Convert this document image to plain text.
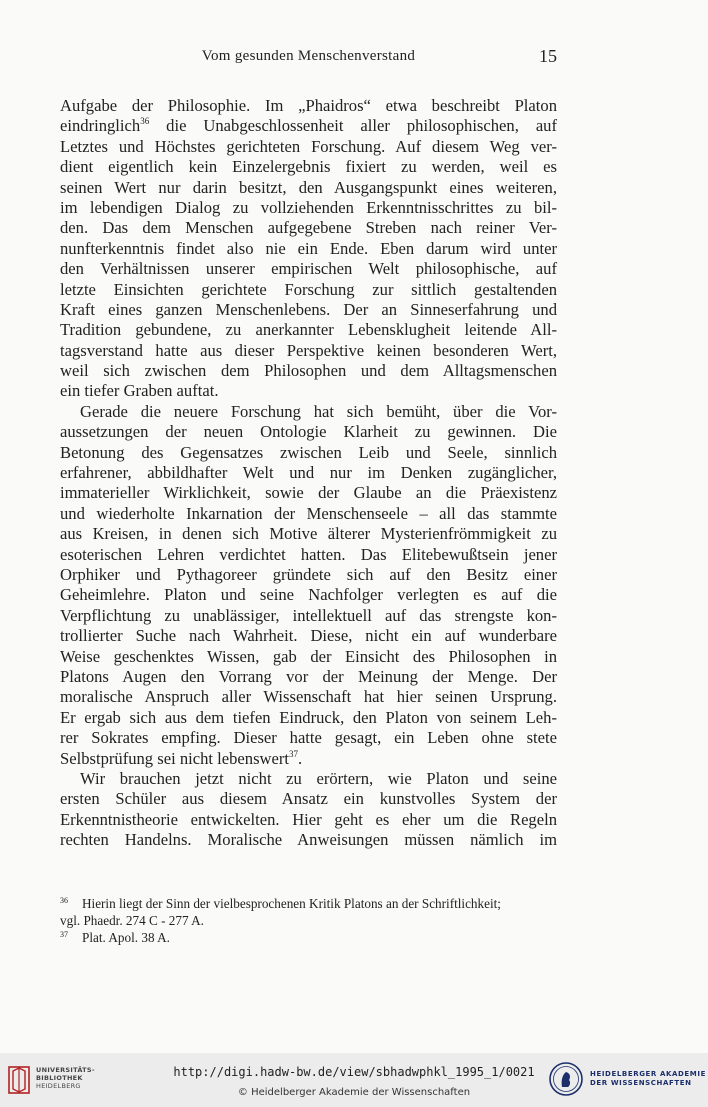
Vom gesunden Menschenverstand	15
Aufgabe der Philosophie. Im „Phaidros“ etwa beschreibt Platon
eindringlich$^{36}$ die Unabgeschlossenheit aller philosophischen, auf
Letztes und Höchstes gerichteten Forschung. Auf diesem Weg ver-
dient eigentlich kein Einzelergebnis fixiert zu werden, weil es
seinen Wert nur darin besitzt, den Ausgangspunkt eines weiteren,
im lebendigen Dialog zu vollziehenden Erkenntnisschrittes zu bil-
den. Das dem Menschen aufgegebene Streben nach reiner Ver-
nunfterkenntnis findet also nie ein Ende. Eben darum wird unter
den Verhältnissen unserer empirischen Welt philosophische, auf
letzte Einsichten gerichtete Forschung zur sittlich gestaltenden
Kraft eines ganzen Menschenlebens. Der an Sinneserfahrung und
Tradition gebundene, zu anerkannter Lebensklugheit leitende All-
tagsverstand hatte aus dieser Perspektive keinen besonderen Wert,
weil sich zwischen dem Philosophen und dem Alltagsmenschen
ein tiefer Graben auftat.
Gerade die neuere Forschung hat sich bemüht, über die Vor-
aussetzungen der neuen Ontologie Klarheit zu gewinnen. Die
Betonung des Gegensatzes zwischen Leib und Seele, sinnlich
erfahrener, abbildhafter Welt und nur im Denken zugänglicher,
immaterieller Wirklichkeit, sowie der Glaube an die Präexistenz
und wiederholte Inkarnation der Menschenseele – all das stammte
aus Kreisen, in denen sich Motive älterer Mysterienfrömmigkeit zu
esoterischen Lehren verdichtet hatten. Das Elitebewußtsein jener
Orphiker und Pythagoreer gründete sich auf den Besitz einer
Geheimlehre. Platon und seine Nachfolger verlegten es auf die
Verpflichtung zu unablässiger, intellektuell auf das strengste kon-
trollierter Suche nach Wahrheit. Diese, nicht ein auf wunderbare
Weise geschenktes Wissen, gab der Einsicht des Philosophen in
Platons Augen den Vorrang vor der Meinung der Menge. Der
moralische Anspruch aller Wissenschaft hat hier seinen Ursprung.
Er ergab sich aus dem tiefen Eindruck, den Platon von seinem Leh-
rer Sokrates empfing. Dieser hatte gesagt, ein Leben ohne stete
Selbstprüfung sei nicht lebenswert$^{37}$.
Wir brauchen jetzt nicht zu erörtern, wie Platon und seine
ersten Schüler aus diesem Ansatz ein kunstvolles System der
Erkenntnistheorie entwickelten. Hier geht es eher um die Regeln
rechten Handelns. Moralische Anweisungen müssen nämlich im
36 Hierin liegt der Sinn der vielbesprochenen Kritik Platons an der Schriftlichkeit;
vgl. Phaedr. 274 C - 277 A.
37 Plat. Apol. 38 A.
UNIVERSITÄTS-
BIBLIOTHEK
HEIDELBERG
http://digi.hadw-bw.de/view/sbhadwphkl_1995_1/0021
© Heidelberger Akademie der Wissenschaften
HEIDELBERGER AKADEMIE
DER WISSENSCHAFTEN
